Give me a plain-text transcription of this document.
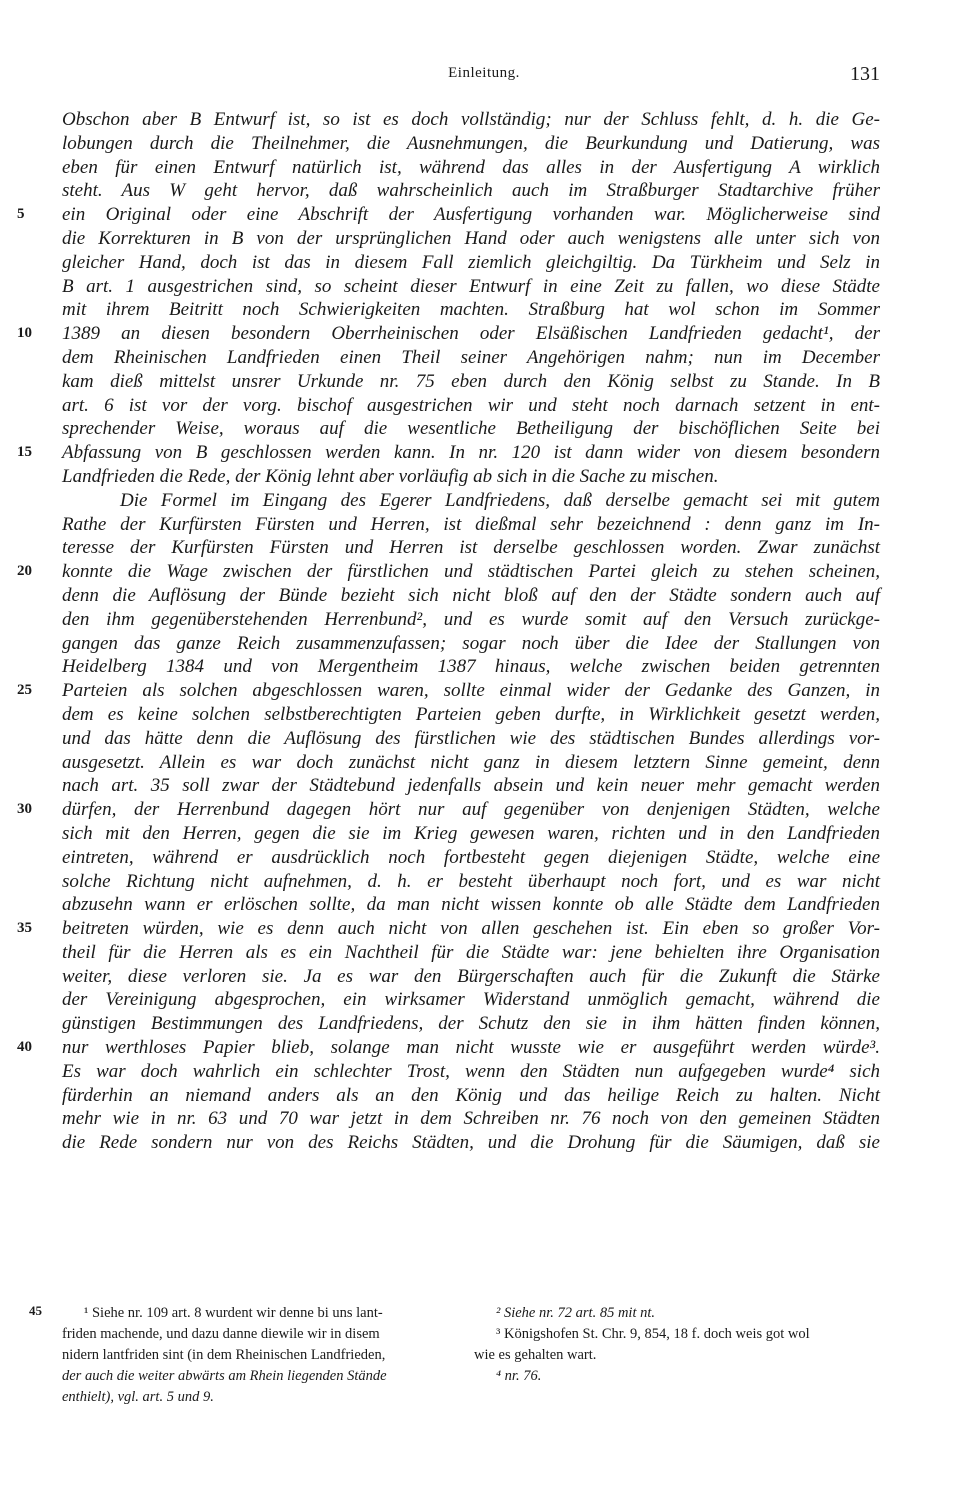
Einleitung.	131
Obschon aber B Entwurf ist, so ist es doch vollständig; nur der Schluss fehlt, d. h. die Ge-
lobungen durch die Theilnehmer, die Ausnehmungen, die Beurkundung und Datierung, was
eben für einen Entwurf natürlich ist, während das alles in der Ausfertigung A wirklich
steht. Aus W geht hervor, daß wahrscheinlich auch im Straßburger Stadtarchive früher
5	ein Original oder eine Abschrift der Ausfertigung vorhanden war. Möglicherweise sind
die Korrekturen in B von der ursprünglichen Hand oder auch wenigstens alle unter sich von
gleicher Hand, doch ist das in diesem Fall ziemlich gleichgiltig. Da Türkheim und Selz in
B art. 1 ausgestrichen sind, so scheint dieser Entwurf in eine Zeit zu fallen, wo diese Städte
mit ihrem Beitritt noch Schwierigkeiten machten. Straßburg hat wol schon im Sommer
10	1389 an diesen besondern Oberrheinischen oder Elsäßischen Landfrieden gedacht¹, der
dem Rheinischen Landfrieden einen Theil seiner Angehörigen nahm; nun im December
kam dieß mittelst unsrer Urkunde nr. 75 eben durch den König selbst zu Stande. In B
art. 6 ist vor der vorg. bischof ausgestrichen wir und steht noch darnach setzent in ent-
sprechender Weise, woraus auf die wesentliche Betheiligung der bischöflichen Seite bei
15	Abfassung von B geschlossen werden kann. In nr. 120 ist dann wider von diesem besondern
Landfrieden die Rede, der König lehnt aber vorläufig ab sich in die Sache zu mischen.
Die Formel im Eingang des Egerer Landfriedens, daß derselbe gemacht sei mit gutem
Rathe der Kurfürsten Fürsten und Herren, ist dießmal sehr bezeichnend : denn ganz im In-
teresse der Kurfürsten Fürsten und Herren ist derselbe geschlossen worden. Zwar zunächst
20	konnte die Wage zwischen der fürstlichen und städtischen Partei gleich zu stehen scheinen,
denn die Auflösung der Bünde bezieht sich nicht bloß auf den der Städte sondern auch auf
den ihm gegenüberstehenden Herrenbund², und es wurde somit auf den Versuch zurückge-
gangen das ganze Reich zusammenzufassen; sogar noch über die Idee der Stallungen von
Heidelberg 1384 und von Mergentheim 1387 hinaus, welche zwischen beiden getrennten
25	Parteien als solchen abgeschlossen waren, sollte einmal wider der Gedanke des Ganzen, in
dem es keine solchen selbstberechtigten Parteien geben durfte, in Wirklichkeit gesetzt werden,
und das hätte denn die Auflösung des fürstlichen wie des städtischen Bundes allerdings vor-
ausgesetzt. Allein es war doch zunächst nicht ganz in diesem letztern Sinne gemeint, denn
nach art. 35 soll zwar der Städtebund jedenfalls absein und kein neuer mehr gemacht werden
30	dürfen, der Herrenbund dagegen hört nur auf gegenüber von denjenigen Städten, welche
sich mit den Herren, gegen die sie im Krieg gewesen waren, richten und in den Landfrieden
eintreten, während er ausdrücklich noch fortbesteht gegen diejenigen Städte, welche eine
solche Richtung nicht aufnehmen, d. h. er besteht überhaupt noch fort, und es war nicht
abzusehn wann er erlöschen sollte, da man nicht wissen konnte ob alle Städte dem Landfrieden
35	beitreten würden, wie es denn auch nicht von allen geschehen ist. Ein eben so großer Vor-
theil für die Herren als es ein Nachtheil für die Städte war: jene behielten ihre Organisation
weiter, diese verloren sie. Ja es war den Bürgerschaften auch für die Zukunft die Stärke
der Vereinigung abgesprochen, ein wirksamer Widerstand unmöglich gemacht, während die
günstigen Bestimmungen des Landfriedens, der Schutz den sie in ihm hätten finden können,
40	nur werthloses Papier blieb, solange man nicht wusste wie er ausgeführt werden würde³.
Es war doch wahrlich ein schlechter Trost, wenn den Städten nun aufgegeben wurde⁴ sich
fürderhin an niemand anders als an den König und das heilige Reich zu halten. Nicht
mehr wie in nr. 63 und 70 war jetzt in dem Schreiben nr. 76 noch von den gemeinen Städten
die Rede sondern nur von des Reichs Städten, und die Drohung für die Säumigen, daß sie
45	¹ Siehe nr. 109 art. 8 wurdent wir denne bi uns lant-
friden machende, und dazu danne diewile wir in disem
nidern lantfriden sint (in dem Rheinischen Landfrieden,
der auch die weiter abwärts am Rhein liegenden Stände
enthielt), vgl. art. 5 und 9.
² Siehe nr. 72 art. 85 mit nt.
³ Königshofen St. Chr. 9, 854, 18 f. doch weis got wol
wie es gehalten wart.
⁴ nr. 76.
